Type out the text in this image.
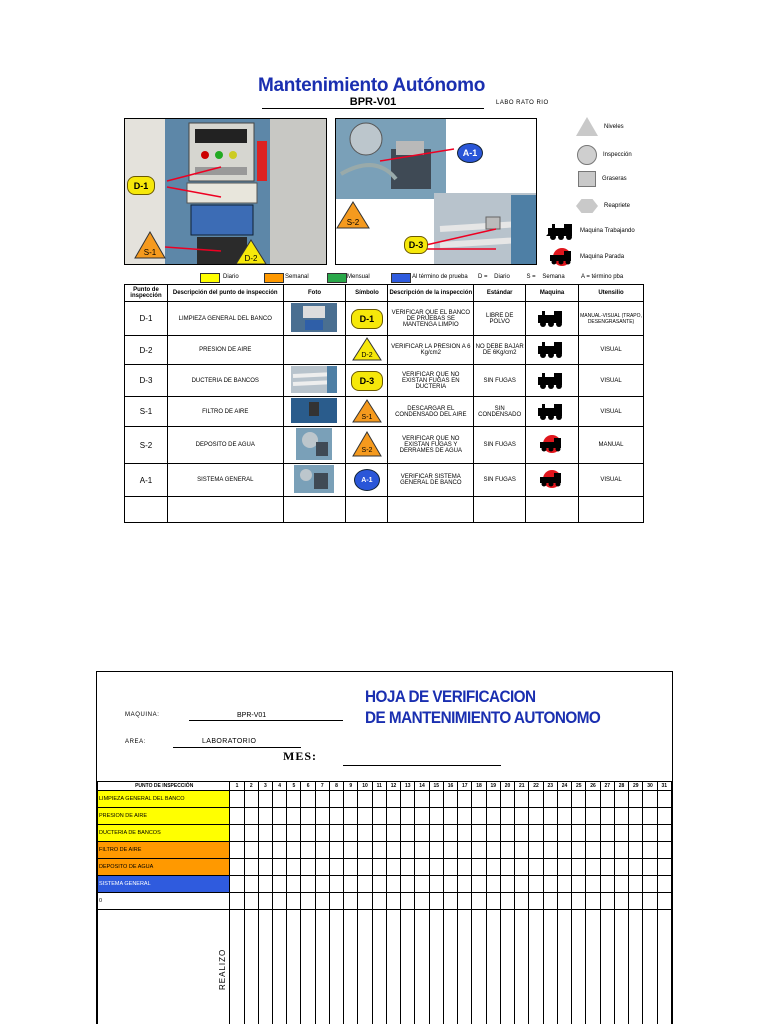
Mantenimiento Autónomo
BPR-V01	LABO RATO RIO
D-1
S-1
D-2
A-1
S-2
D-3
Niveles
Inspección
Graseras
Reapriete
Maquina Trabajando
Maquina Parada
Diario	Semanal	Mensual	Al término de prueba D =    Diario          S =    Semana          A = término pba
Punto de inspección	Descripción del punto de inspección	Foto	Símbolo	Descripción de la inspección	Estándar	Maquina	Utensilio
D-1	LIMPIEZA GENERAL DEL BANCO		D-1	VERIFICAR QUE EL BANCO DE PRUEBAS SE MANTENGA LIMPIO	LIBRE DE POLVO		MANUAL-VISUAL (TRAPO, DESENGRASANTE)
D-2	PRESION DE AIRE		D-2	VERIFICAR LA PRESION A 6 Kg/cm2	NO DEBE BAJAR DE 6Kg/cm2		VISUAL
D-3	DUCTERIA DE BANCOS		D-3	VERIFICAR QUE NO EXISTAN FUGAS EN DUCTERIA	SIN FUGAS		VISUAL
S-1	FILTRO DE AIRE		S-1	DESCARGAR EL CONDENSADO DEL AIRE	SIN CONDENSADO		VISUAL
S-2	DEPOSITO DE AGUA		S-2	VERIFICAR QUE NO EXISTAN FUGAS Y DERRAMES DE AGUA	SIN FUGAS		MANUAL
A-1	SISTEMA GENERAL		A-1	VERIFICAR SISTEMA GENERAL DE BANCO	SIN FUGAS		VISUAL

HOJA DE VERIFICACION
DE MANTENIMIENTO AUTONOMO
MAQUINA:	BPR-V01
AREA:	LABORATORIO
MES:
PUNTO DE INSPECCIÓN	1	2	3	4	5	6	7	8	9	10	11	12	13	14	15	16	17	18	19	20	21	22	23	24	25	26	27	28	29	30	31
LIMPIEZA GENERAL DEL BANCO																															
PRESION DE AIRE																															
DUCTERIA DE BANCOS																															
FILTRO DE AIRE																															
DEPOSITO DE AGUA																															
SISTEMA GENERAL																															
0																															

REALIZO
